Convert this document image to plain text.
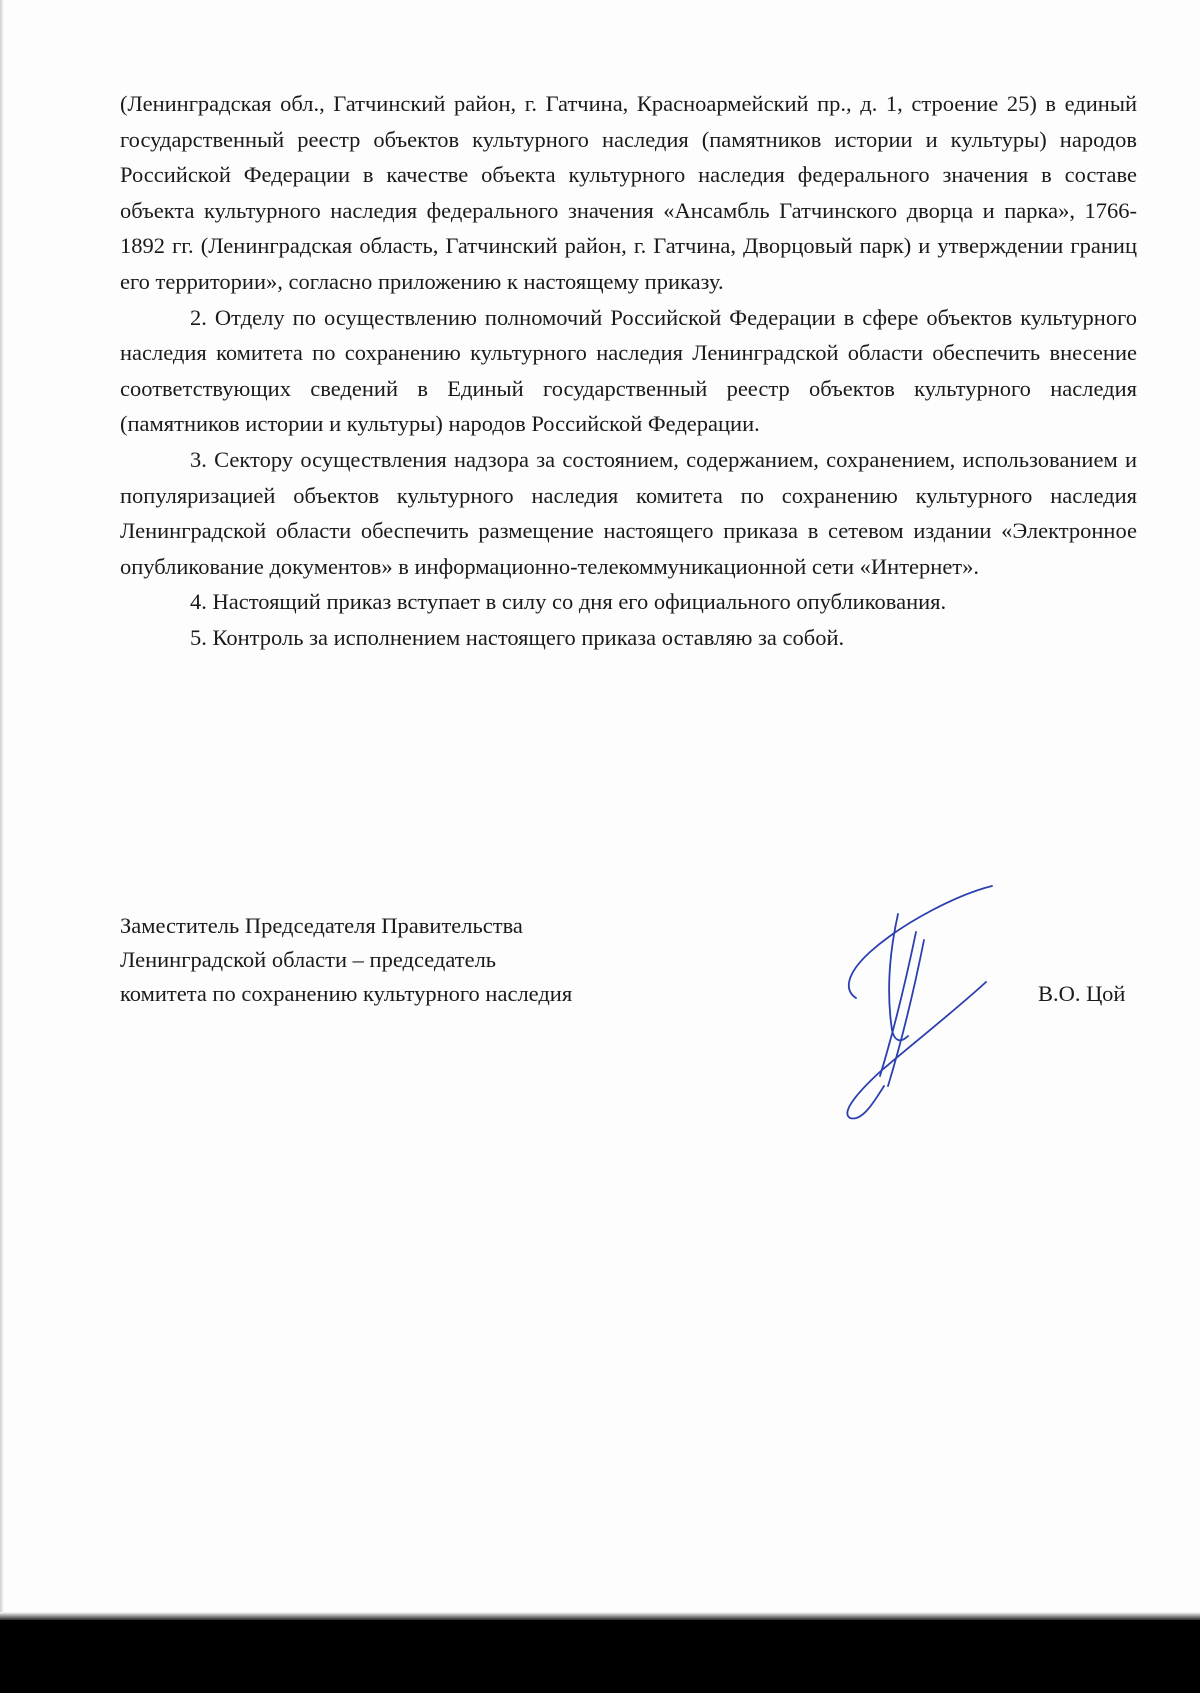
(Ленинградская обл., Гатчинский район, г. Гатчина, Красноармейский пр., д. 1, строение 25) в единый государственный реестр объектов культурного наследия (памятников истории и культуры) народов Российской Федерации в качестве объекта культурного наследия федерального значения в составе объекта культурного наследия федерального значения «Ансамбль Гатчинского дворца и парка», 1766-1892 гг. (Ленинградская область, Гатчинский район, г. Гатчина, Дворцовый парк) и утверждении границ его территории», согласно приложению к настоящему приказу.

2. Отделу по осуществлению полномочий Российской Федерации в сфере объектов культурного наследия комитета по сохранению культурного наследия Ленинградской области обеспечить внесение соответствующих сведений в Единый государственный реестр объектов культурного наследия (памятников истории и культуры) народов Российской Федерации.

3. Сектору осуществления надзора за состоянием, содержанием, сохранением, использованием и популяризацией объектов культурного наследия комитета по сохранению культурного наследия Ленинградской области обеспечить размещение настоящего приказа в сетевом издании «Электронное опубликование документов» в информационно-телекоммуникационной сети «Интернет».

4. Настоящий приказ вступает в силу со дня его официального опубликования.

5. Контроль за исполнением настоящего приказа оставляю за собой.

Заместитель Председателя Правительства
Ленинградской области – председатель
комитета по сохранению культурного наследия	В.О. Цой
